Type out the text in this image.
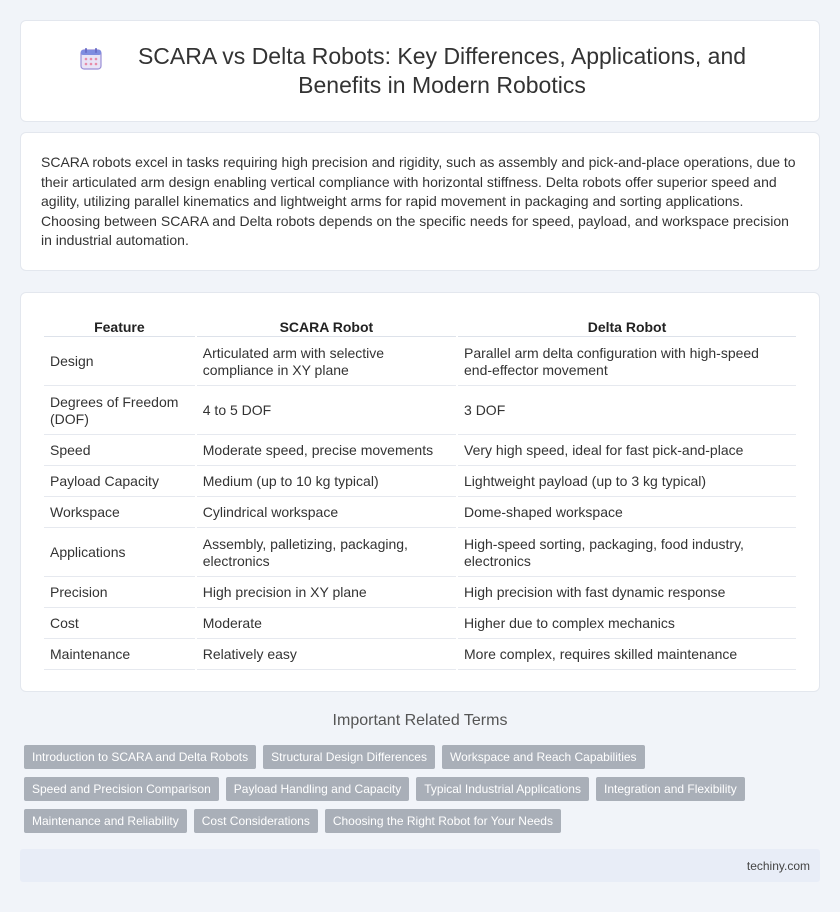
SCARA vs Delta Robots: Key Differences, Applications, and Benefits in Modern Robotics

SCARA robots excel in tasks requiring high precision and rigidity, such as assembly and pick-and-place operations, due to their articulated arm design enabling vertical compliance with horizontal stiffness. Delta robots offer superior speed and agility, utilizing parallel kinematics and lightweight arms for rapid movement in packaging and sorting applications. Choosing between SCARA and Delta robots depends on the specific needs for speed, payload, and workspace precision in industrial automation.

Feature	SCARA Robot	Delta Robot
Design	Articulated arm with selective compliance in XY plane	Parallel arm delta configuration with high-speed end-effector movement
Degrees of Freedom (DOF)	4 to 5 DOF	3 DOF
Speed	Moderate speed, precise movements	Very high speed, ideal for fast pick-and-place
Payload Capacity	Medium (up to 10 kg typical)	Lightweight payload (up to 3 kg typical)
Workspace	Cylindrical workspace	Dome-shaped workspace
Applications	Assembly, palletizing, packaging, electronics	High-speed sorting, packaging, food industry, electronics
Precision	High precision in XY plane	High precision with fast dynamic response
Cost	Moderate	Higher due to complex mechanics
Maintenance	Relatively easy	More complex, requires skilled maintenance
Important Related Terms
Introduction to SCARA and Delta Robots	Structural Design Differences	Workspace and Reach Capabilities
Speed and Precision Comparison	Payload Handling and Capacity	Typical Industrial Applications	Integration and Flexibility
Maintenance and Reliability	Cost Considerations	Choosing the Right Robot for Your Needs
techiny.com
